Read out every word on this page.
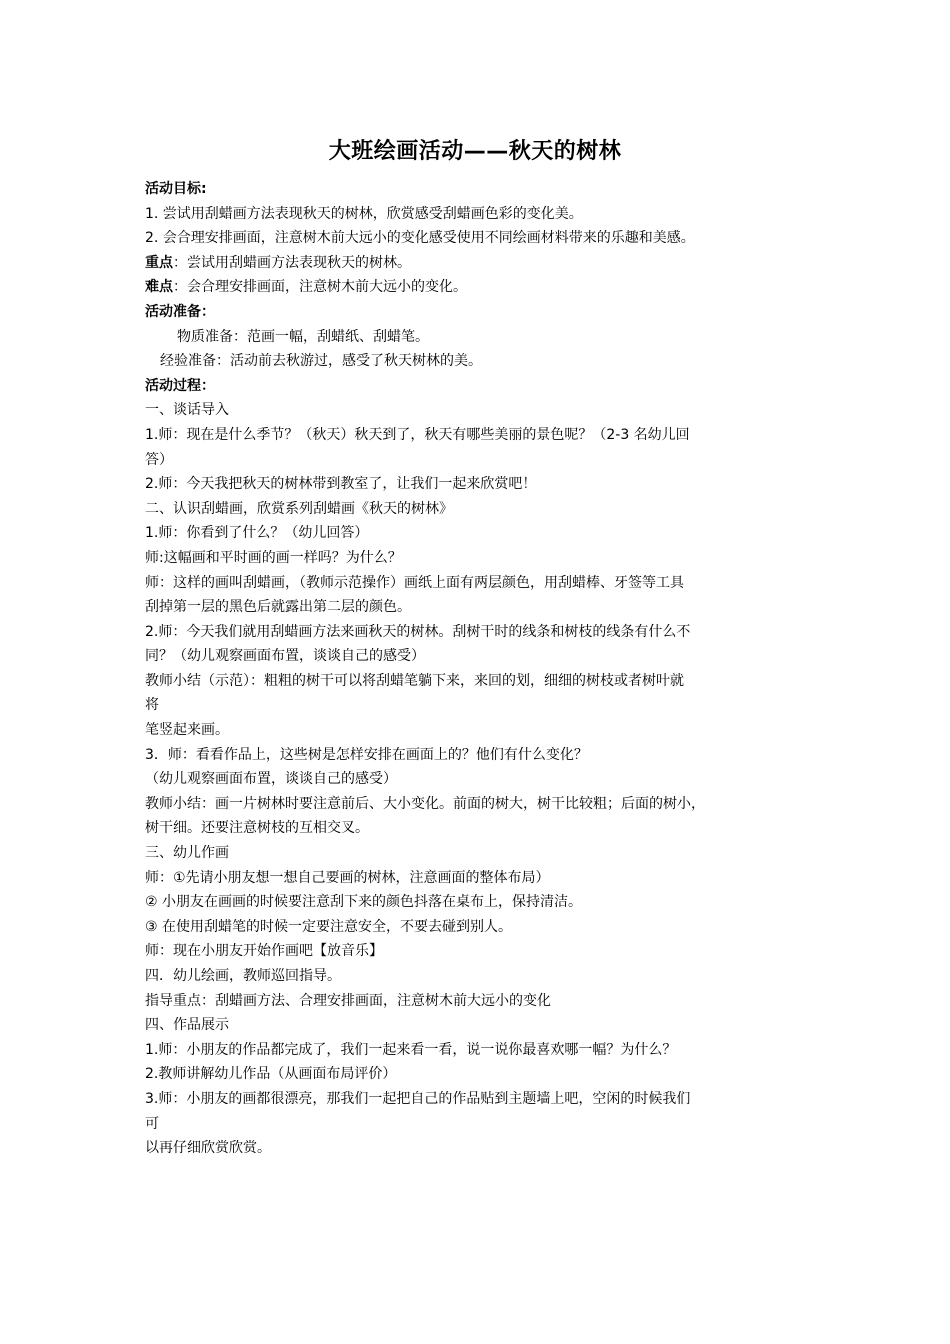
大班绘画活动——秋天的树林

活动目标:

1. 尝试用刮蜡画方法表现秋天的树林，欣赏感受刮蜡画色彩的变化美。

2. 会合理安排画面，注意树木前大远小的变化感受使用不同绘画材料带来的乐趣和美感。

重点：尝试用刮蜡画方法表现秋天的树林。

难点：会合理安排画面，注意树木前大远小的变化。

活动准备：

物质准备：范画一幅，刮蜡纸、刮蜡笔。

经验准备：活动前去秋游过，感受了秋天树林的美。

活动过程：

一、谈话导入

1.师：现在是什么季节？（秋天）秋天到了，秋天有哪些美丽的景色呢？（2-3 名幼儿回

答）

2.师：今天我把秋天的树林带到教室了，让我们一起来欣赏吧！

二、认识刮蜡画，欣赏系列刮蜡画《秋天的树林》

1.师：你看到了什么？（幼儿回答）

师:这幅画和平时画的画一样吗？为什么？

师：这样的画叫刮蜡画，（教师示范操作）画纸上面有两层颜色，用刮蜡棒、牙签等工具

刮掉第一层的黑色后就露出第二层的颜色。

2.师：今天我们就用刮蜡画方法来画秋天的树林。刮树干时的线条和树枝的线条有什么不

同？（幼儿观察画面布置，谈谈自己的感受）

教师小结（示范）：粗粗的树干可以将刮蜡笔躺下来，来回的划，细细的树枝或者树叶就

将

笔竖起来画。

3．师：看看作品上，这些树是怎样安排在画面上的？他们有什么变化？

（幼儿观察画面布置，谈谈自己的感受）

教师小结：画一片树林时要注意前后、大小变化。前面的树大，树干比较粗；后面的树小，

树干细。还要注意树枝的互相交叉。

三、幼儿作画

师：①先请小朋友想一想自己要画的树林，注意画面的整体布局）

② 小朋友在画画的时候要注意刮下来的颜色抖落在桌布上，保持清洁。

③ 在使用刮蜡笔的时候一定要注意安全，不要去碰到别人。

师：现在小朋友开始作画吧【放音乐】

四．幼儿绘画，教师巡回指导。

指导重点：刮蜡画方法、合理安排画面，注意树木前大远小的变化

四、作品展示

1.师：小朋友的作品都完成了，我们一起来看一看，说一说你最喜欢哪一幅？为什么？

2.教师讲解幼儿作品（从画面布局评价）

3.师：小朋友的画都很漂亮，那我们一起把自己的作品贴到主题墙上吧，空闲的时候我们

可

以再仔细欣赏欣赏。
